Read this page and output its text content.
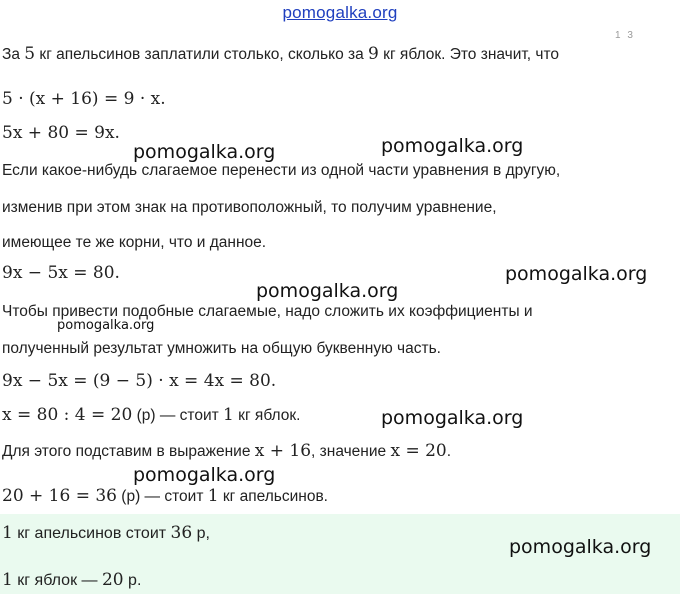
pomogalka.org
1 3
За 5 кг апельсинов заплатили столько, сколько за 9 кг яблок. Это значит, что
5 · (x + 16) = 9 · x.
5x + 80 = 9x.
Если какое-нибудь слагаемое перенести из одной части уравнения в другую,
изменив при этом знак на противоположный, то получим уравнение,
имеющее те же корни, что и данное.
9x − 5x = 80.
Чтобы привести подобные слагаемые, надо сложить их коэффициенты и
полученный результат умножить на общую буквенную часть.
9x − 5x = (9 − 5) · x = 4x = 80.
x = 80 : 4 = 20 (р) — стоит 1 кг яблок.
Для этого подставим в выражение x + 16, значение x = 20.
20 + 16 = 36 (р) — стоит 1 кг апельсинов.
1 кг апельсинов стоит 36 р,
1 кг яблок — 20 р.
pomogalka.org
pomogalka.org
pomogalka.org
pomogalka.org
pomogalka.org
pomogalka.org
pomogalka.org
pomogalka.org
